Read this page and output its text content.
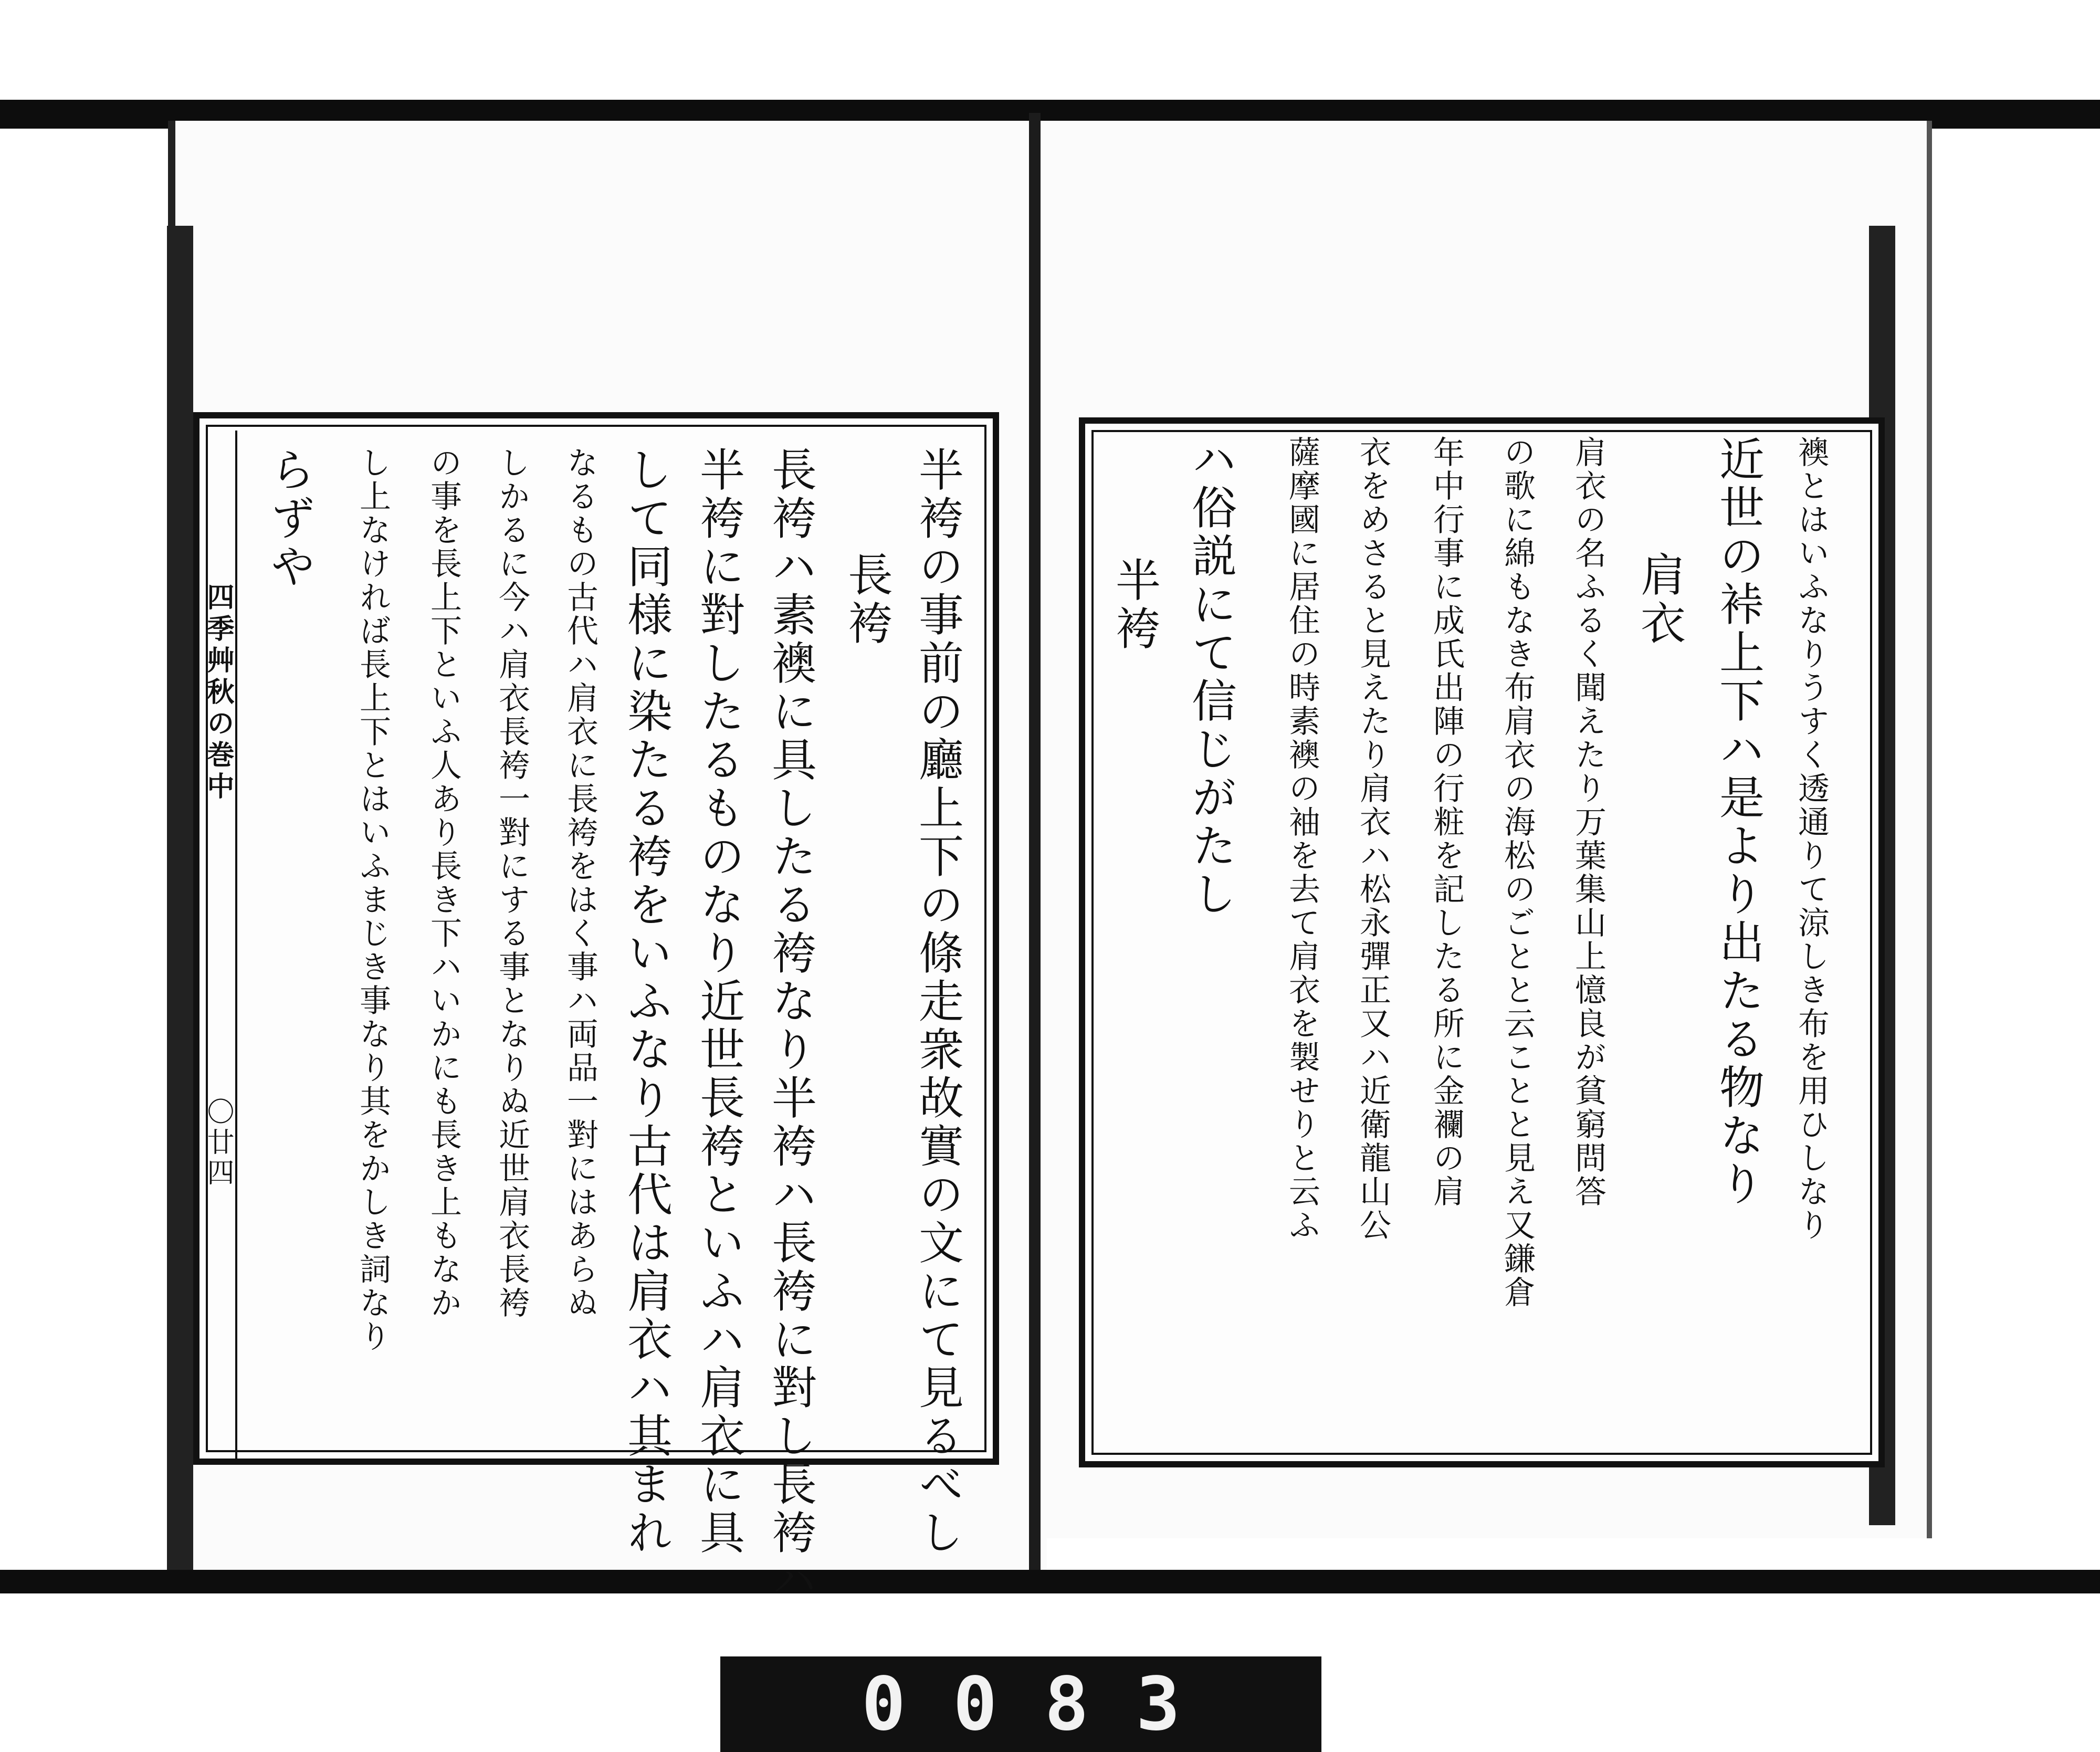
四季艸秋の巻中
〇廿四	半袴の事前の廳上下の條走衆故實の文にて見るべし
長袴
長袴ハ素襖に具したる袴なり半袴ハ長袴に對し長袴ハ
半袴に對したるものなり近世長袴といふハ肩衣に具
して同様に染たる袴をいふなり古代は肩衣ハ其まれ
なるもの古代ハ肩衣に長袴をはく事ハ両品一對にはあらぬ
しかるに今ハ肩衣長袴一對にする事となりぬ近世肩衣長袴
の事を長上下といふ人あり長き下ハいかにも長き上もなか
し上なければ長上下とはいふまじき事なり其をかしき詞なり
らずや	襖とはいふなりうすく透通りて涼しき布を用ひしなり
近世の裃上下ハ是より出たる物なり
肩衣
肩衣の名ふるく聞えたり万葉集山上憶良が貧窮問答
の歌に綿もなき布肩衣の海松のごとと云ことと見え又鎌倉
年中行事に成氏出陣の行粧を記したる所に金襴の肩
衣をめさると見えたり肩衣ハ松永彈正又ハ近衛龍山公
薩摩國に居住の時素襖の袖を去て肩衣を製せりと云ふ
ハ俗説にて信じがたし
半袴
0083
